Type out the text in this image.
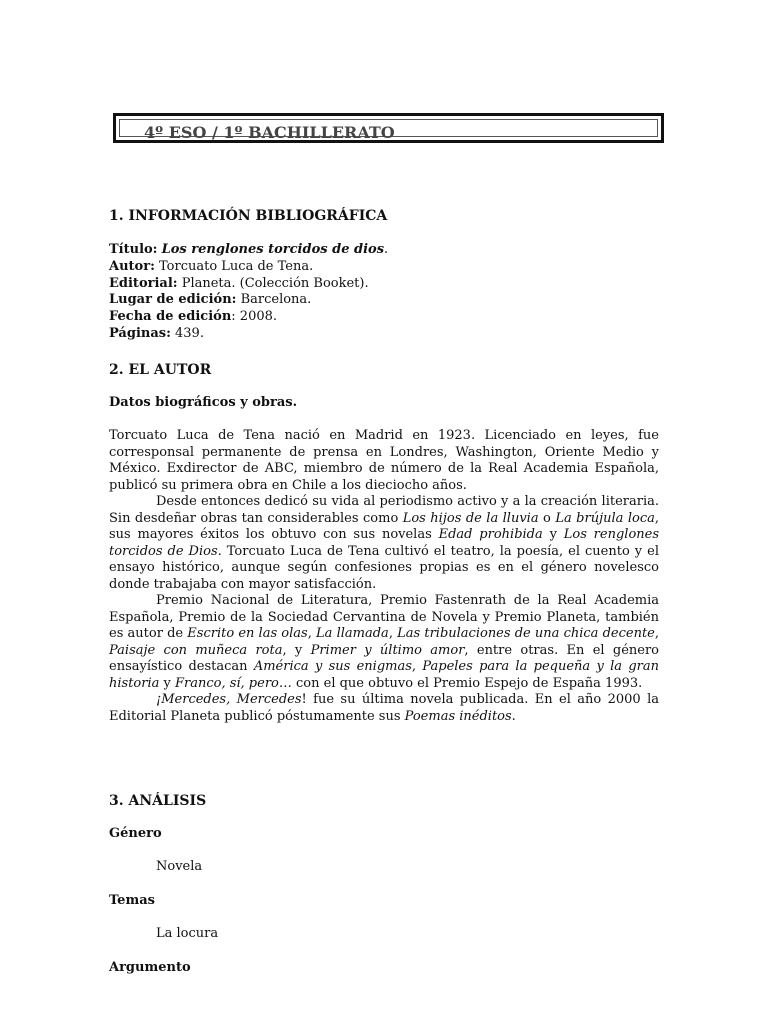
4º ESO / 1º BACHILLERATO
1. INFORMACIÓN BIBLIOGRÁFICA
Título: Los renglones torcidos de dios.
Autor: Torcuato Luca de Tena.
Editorial: Planeta. (Colección Booket).
Lugar de edición: Barcelona.
Fecha de edición: 2008.
Páginas: 439.
2. EL AUTOR
Datos biográficos y obras.

Torcuato Luca de Tena nació en Madrid en 1923. Licenciado en leyes, fue corresponsal permanente de prensa en Londres, Washington, Oriente Medio y México. Exdirector de ABC, miembro de número de la Real Academia Española, publicó su primera obra en Chile a los dieciocho años.

Desde entonces dedicó su vida al periodismo activo y a la creación literaria. Sin desdeñar obras tan considerables como Los hijos de la lluvia o La brújula loca, sus mayores éxitos los obtuvo con sus novelas Edad prohibida y Los renglones torcidos de Dios. Torcuato Luca de Tena cultivó el teatro, la poesía, el cuento y el ensayo histórico, aunque según confesiones propias es en el género novelesco donde trabajaba con mayor satisfacción.

Premio Nacional de Literatura, Premio Fastenrath de la Real Academia Española, Premio de la Sociedad Cervantina de Novela y Premio Planeta, también es autor de Escrito en las olas, La llamada, Las tribulaciones de una chica decente, Paisaje con muñeca rota, y Primer y último amor, entre otras. En el género ensayístico destacan América y sus enigmas, Papeles para la pequeña y la gran historia y Franco, sí, pero… con el que obtuvo el Premio Espejo de España 1993.

¡Mercedes, Mercedes! fue su última novela publicada. En el año 2000 la Editorial Planeta publicó póstumamente sus Poemas inéditos.

3. ANÁLISIS
Género
Novela
Temas
La locura
Argumento
